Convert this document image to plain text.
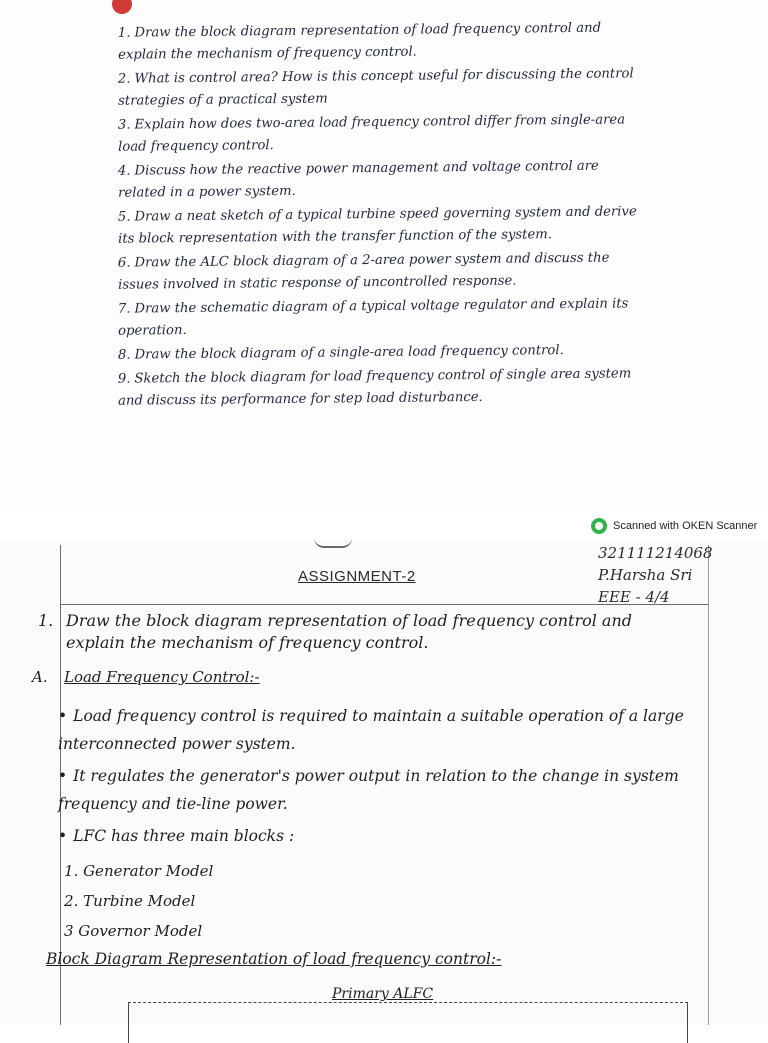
1. Draw the block diagram representation of load frequency control and explain the mechanism of frequency control.
2. What is control area? How is this concept useful for discussing the control strategies of a practical system
3. Explain how does two-area load frequency control differ from single-area load frequency control.
4. Discuss how the reactive power management and voltage control are related in a power system.
5. Draw a neat sketch of a typical turbine speed governing system and derive its block representation with the transfer function of the system.
6. Draw the ALC block diagram of a 2-area power system and discuss the issues involved in static response of uncontrolled response.
7. Draw the schematic diagram of a typical voltage regulator and explain its operation.
8. Draw the block diagram of a single-area load frequency control.
9. Sketch the block diagram for load frequency control of single area system and discuss its performance for step load disturbance.
Scanned with OKEN Scanner
ASSIGNMENT-2
321111214068
P.Harsha Sri
EEE - 4/4
1. Draw the block diagram representation of load frequency control and explain the mechanism of frequency control.
A. Load Frequency Control:-
• Load frequency control is required to maintain a suitable operation of a large interconnected power system.
• It regulates the generator's power output in relation to the change in system frequency and tie-line power.
• LFC has three main blocks :
1. Generator Model
2. Turbine Model
3 Governor Model
Block Diagram Representation of load frequency control:-
Primary ALFC
